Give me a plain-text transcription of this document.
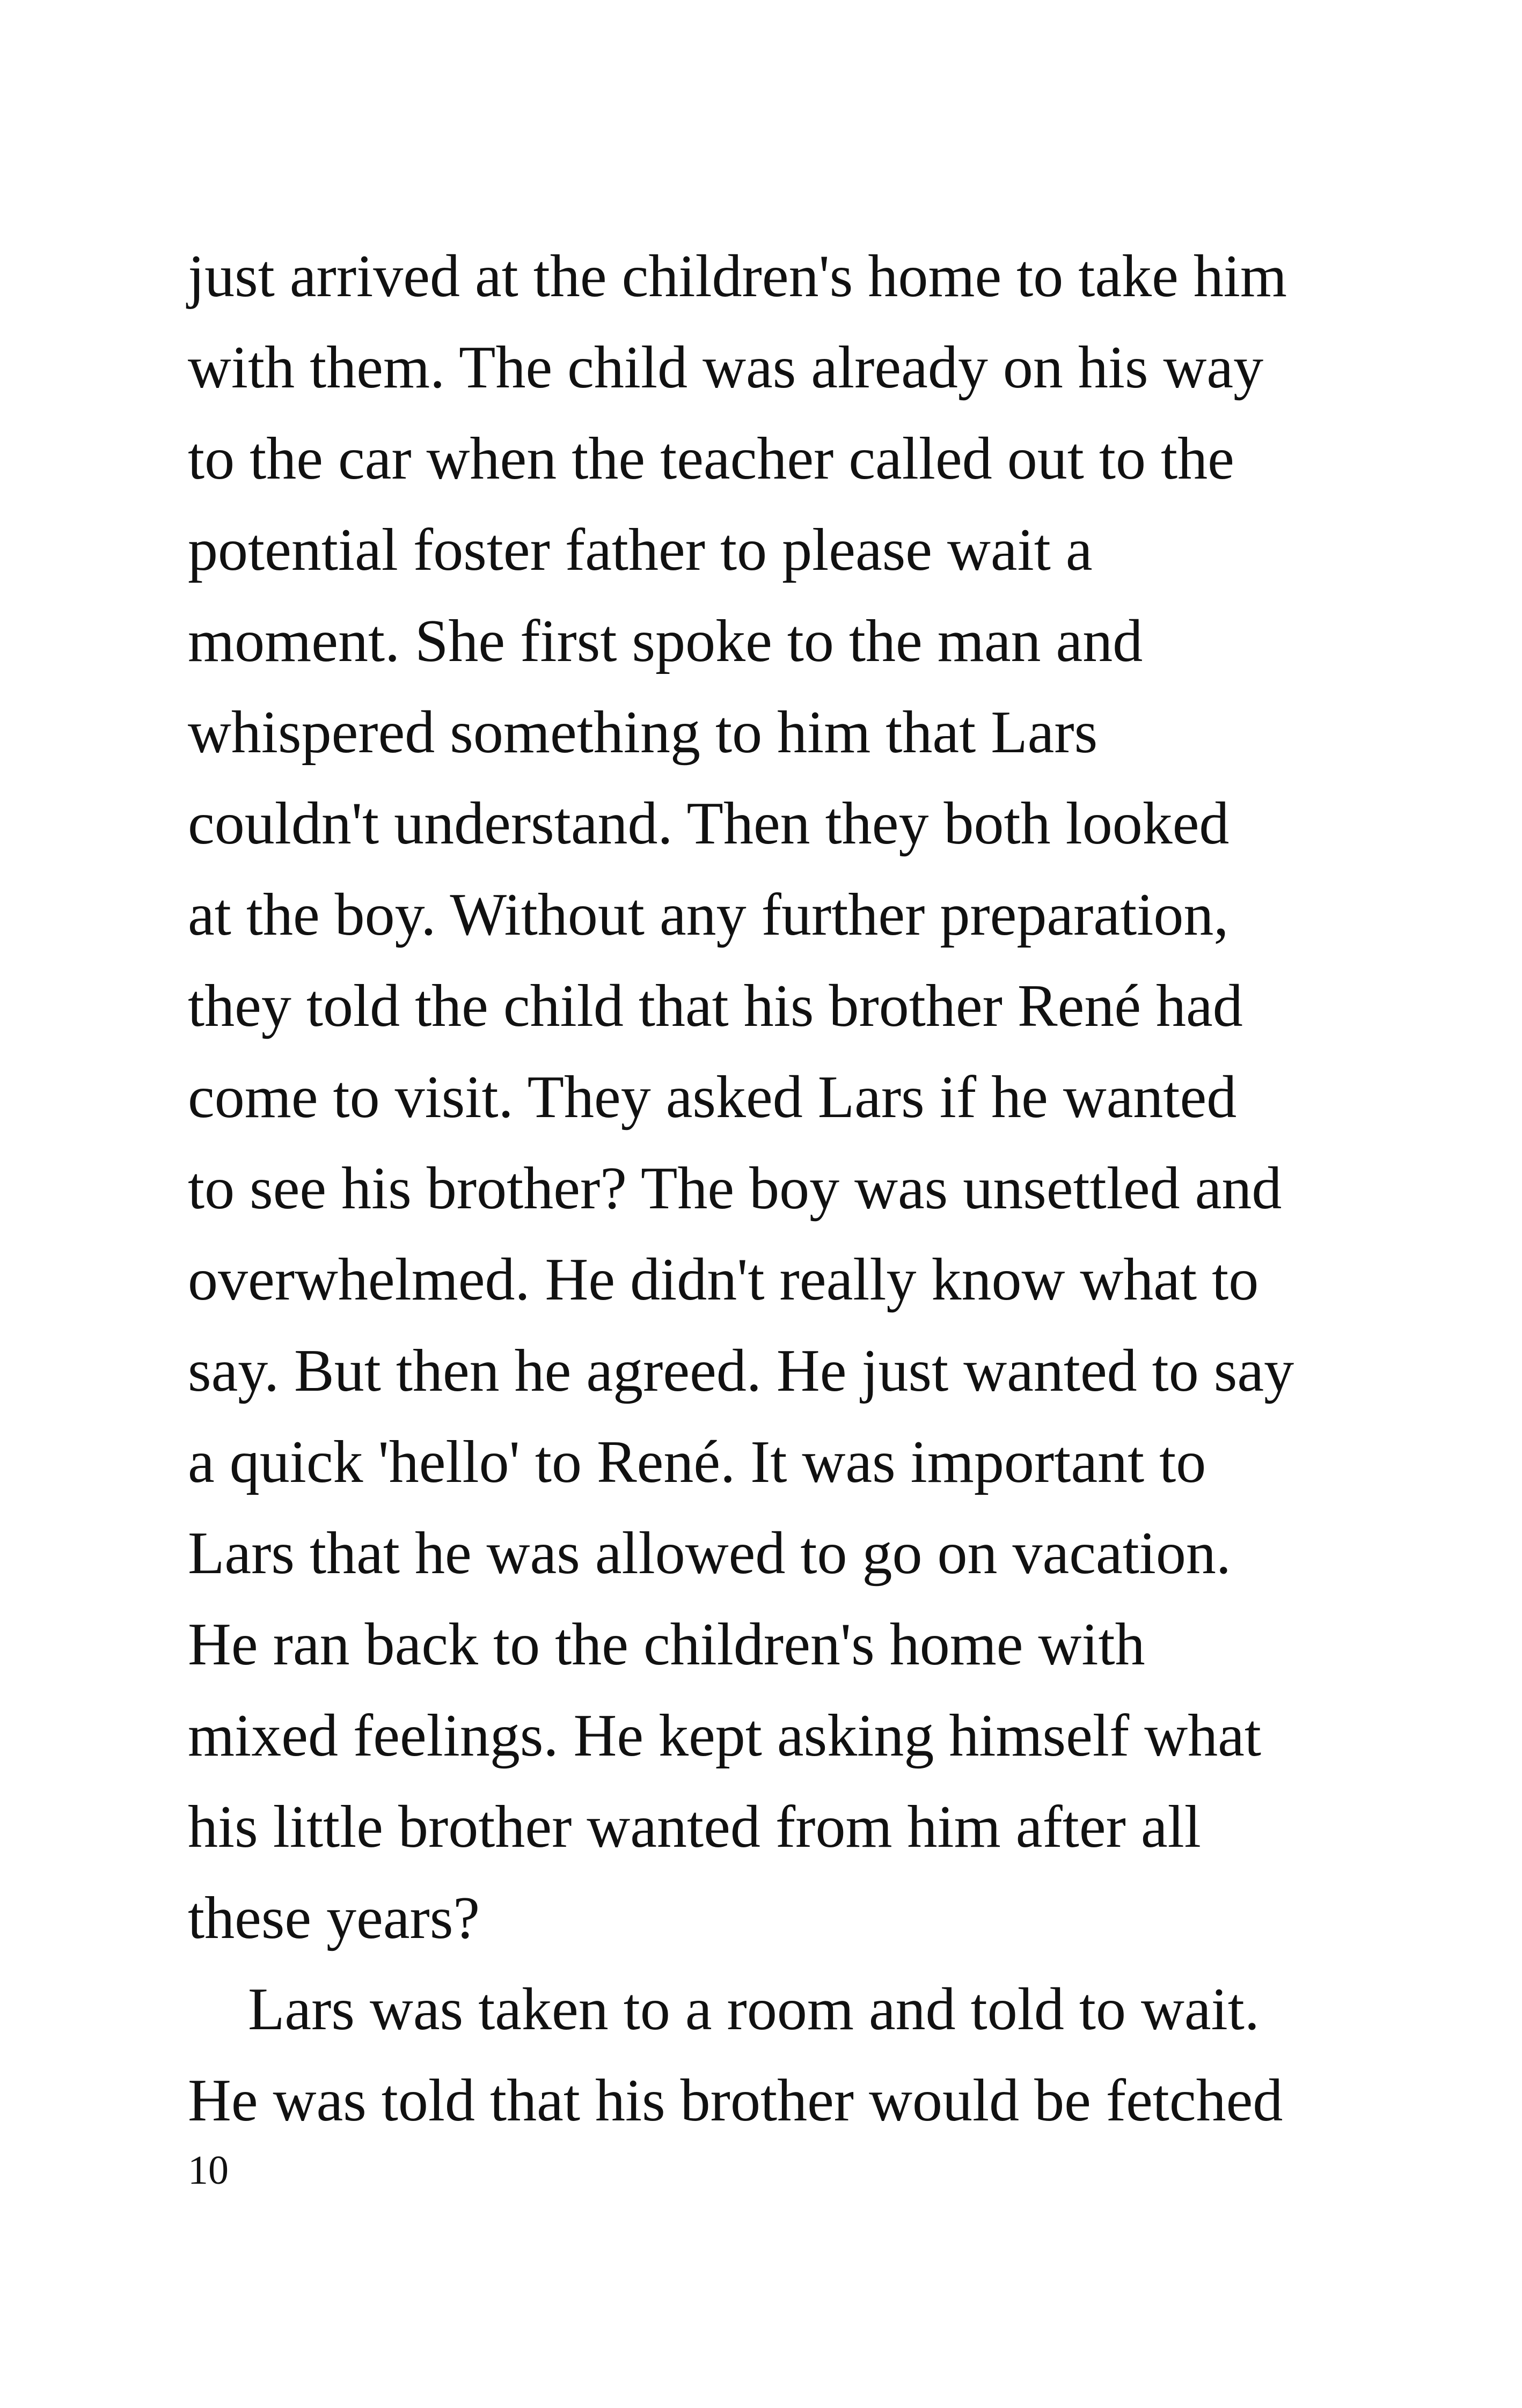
just arrived at the children's home to take him
with them. The child was already on his way
to the car when the teacher called out to the
potential foster father to please wait a
moment. She first spoke to the man and
whispered something to him that Lars
couldn't understand. Then they both looked
at the boy. Without any further preparation,
they told the child that his brother René had
come to visit. They asked Lars if he wanted
to see his brother? The boy was unsettled and
overwhelmed. He didn't really know what to
say. But then he agreed. He just wanted to say
a quick 'hello' to René. It was important to
Lars that he was allowed to go on vacation.
He ran back to the children's home with
mixed feelings. He kept asking himself what
his little brother wanted from him after all
these years?
Lars was taken to a room and told to wait.
He was told that his brother would be fetched
10
